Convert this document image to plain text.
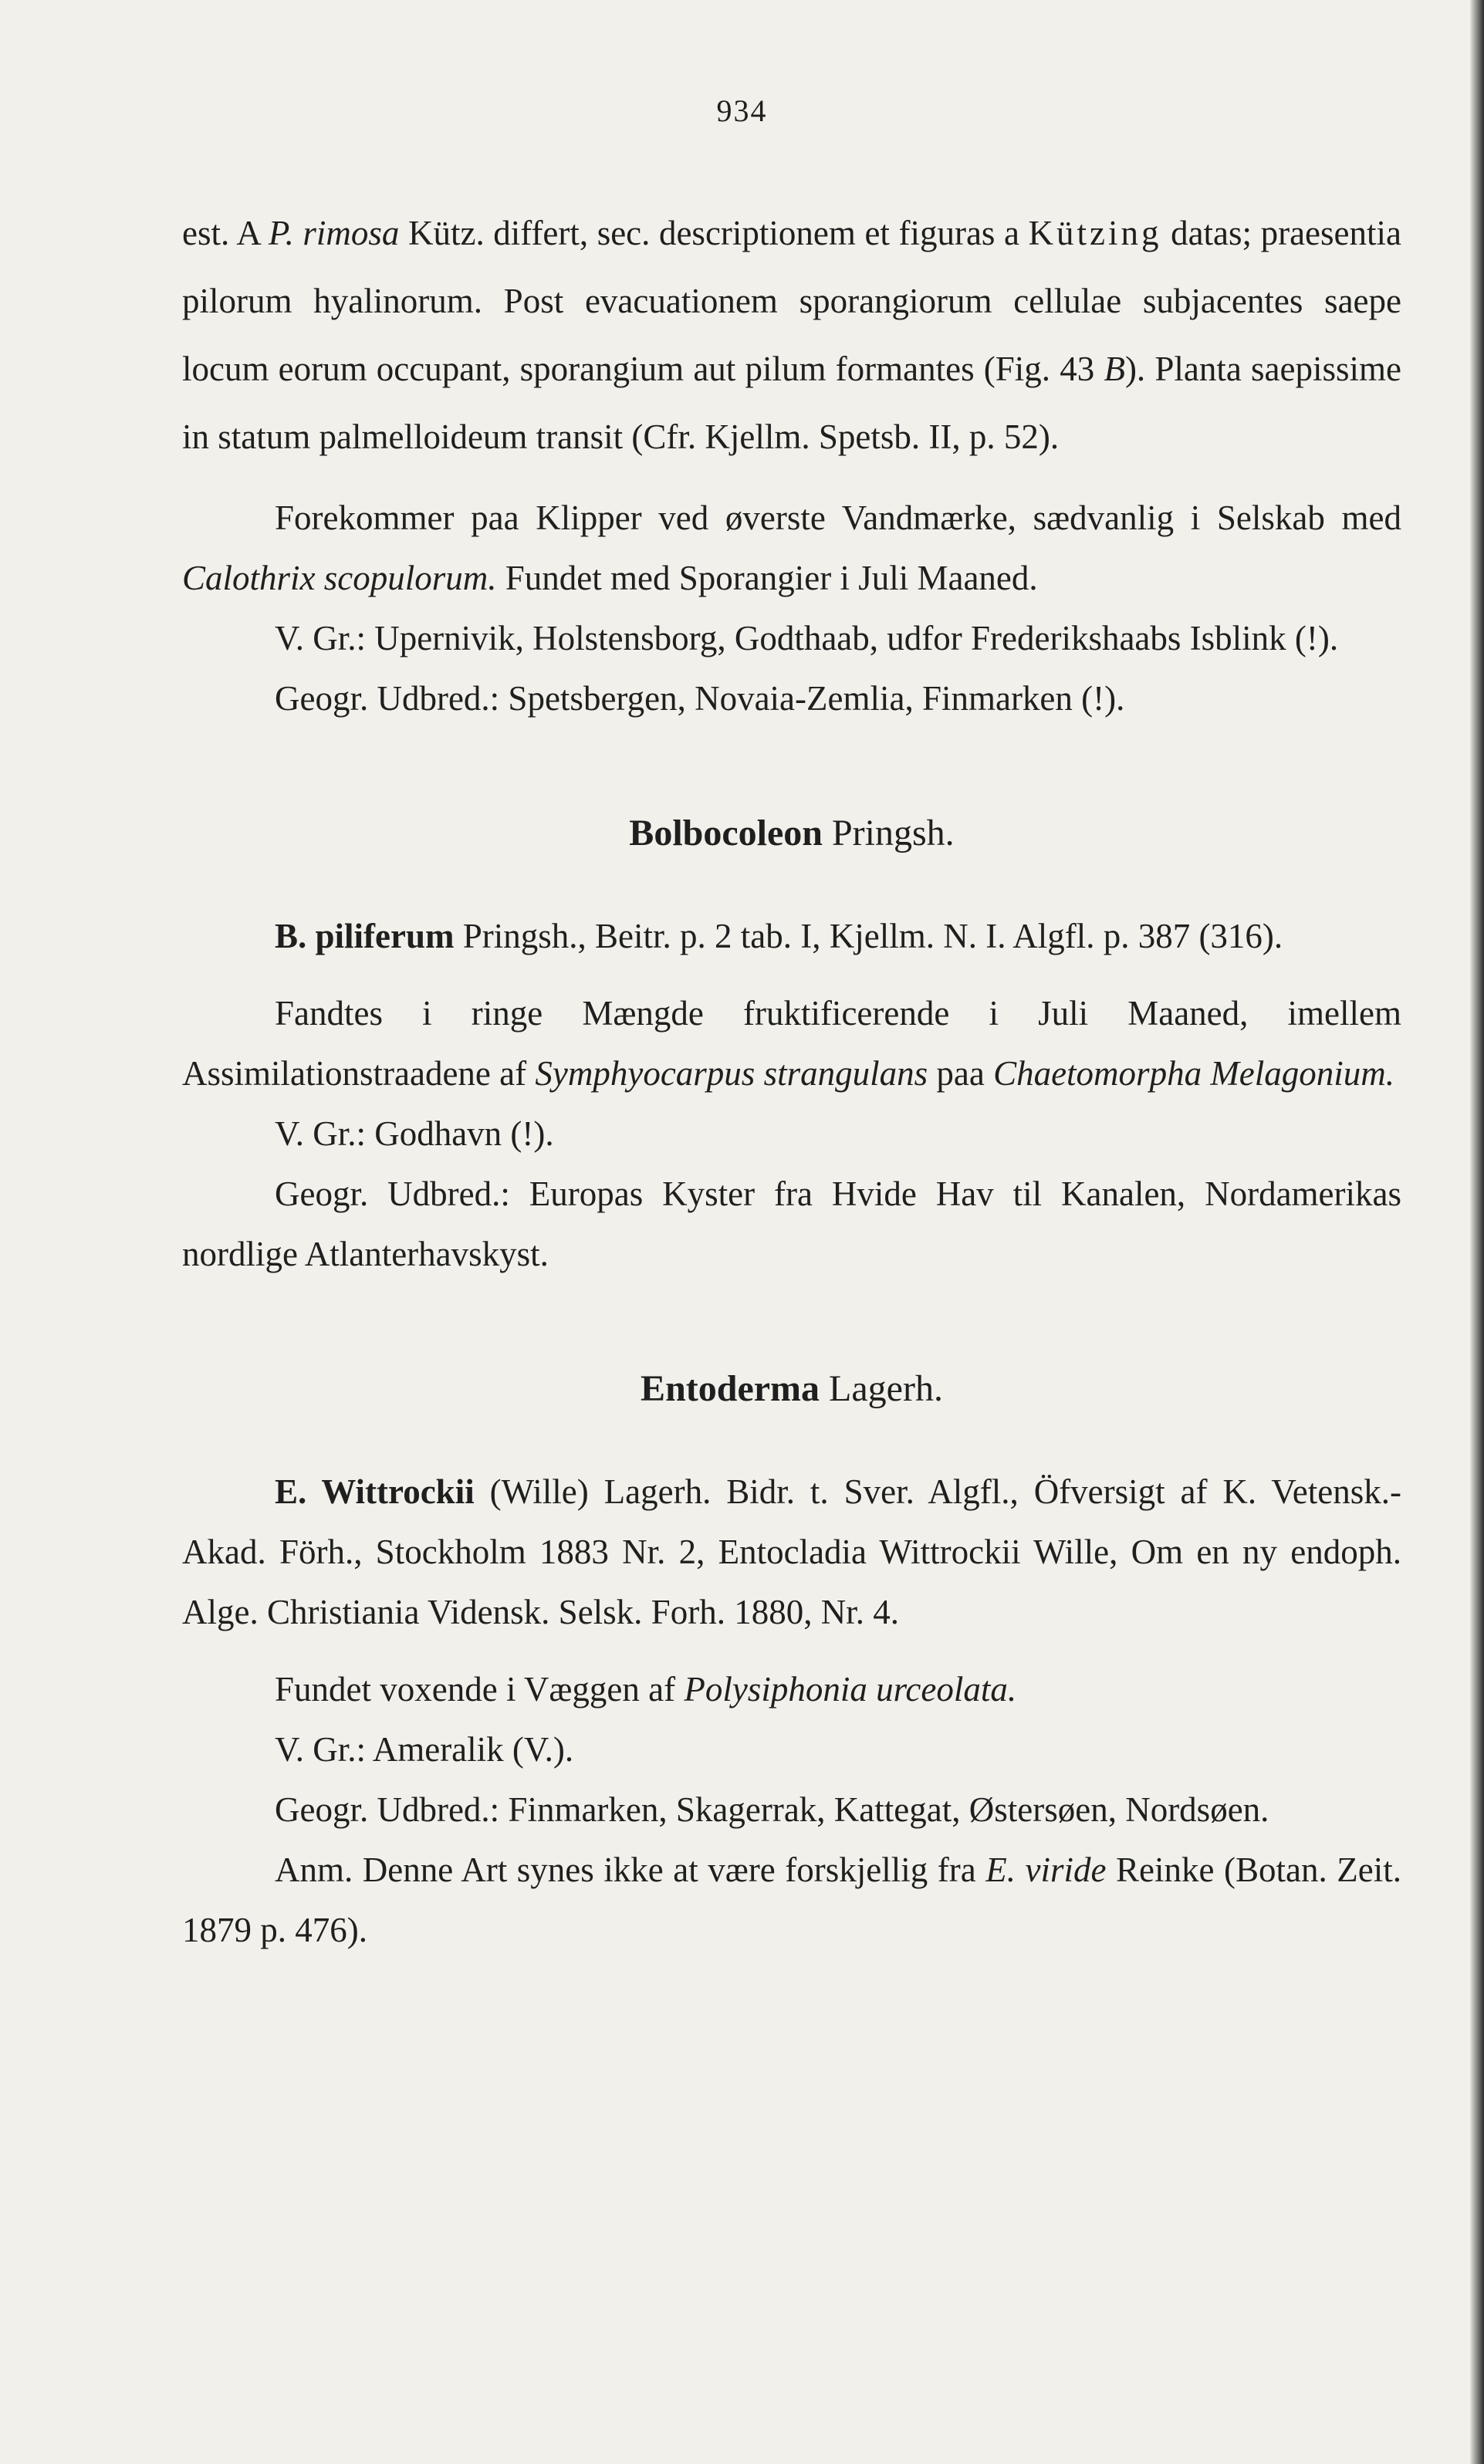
934

est. A P. rimosa Kütz. differt, sec. descriptionem et figuras a Kützing datas; praesentia pilorum hyalinorum. Post evacuationem sporangiorum cellulae subjacentes saepe locum eorum occupant, sporangium aut pilum formantes (Fig. 43 B). Planta saepissime in statum palmelloideum transit (Cfr. Kjellm. Spetsb. II, p. 52).

Forekommer paa Klipper ved øverste Vandmærke, sædvanlig i Selskab med Calothrix scopulorum. Fundet med Sporangier i Juli Maaned.

V. Gr.: Upernivik, Holstensborg, Godthaab, udfor Frederikshaabs Isblink (!).

Geogr. Udbred.: Spetsbergen, Novaia-Zemlia, Finmarken (!).

Bolbocoleon Pringsh.

B. piliferum Pringsh., Beitr. p. 2 tab. I, Kjellm. N. I. Algfl. p. 387 (316).

Fandtes i ringe Mængde fruktificerende i Juli Maaned, imellem Assimilationstraadene af Symphyocarpus strangulans paa Chaetomorpha Melagonium.

V. Gr.: Godhavn (!).

Geogr. Udbred.: Europas Kyster fra Hvide Hav til Kanalen, Nordamerikas nordlige Atlanterhavskyst.

Entoderma Lagerh.

E. Wittrockii (Wille) Lagerh. Bidr. t. Sver. Algfl., Öfversigt af K. Vetensk.-Akad. Förh., Stockholm 1883 Nr. 2, Entocladia Wittrockii Wille, Om en ny endoph. Alge. Christiania Vidensk. Selsk. Forh. 1880, Nr. 4.

Fundet voxende i Væggen af Polysiphonia urceolata.

V. Gr.: Ameralik (V.).

Geogr. Udbred.: Finmarken, Skagerrak, Kattegat, Østersøen, Nordsøen.

Anm. Denne Art synes ikke at være forskjellig fra E. viride Reinke (Botan. Zeit. 1879 p. 476).
